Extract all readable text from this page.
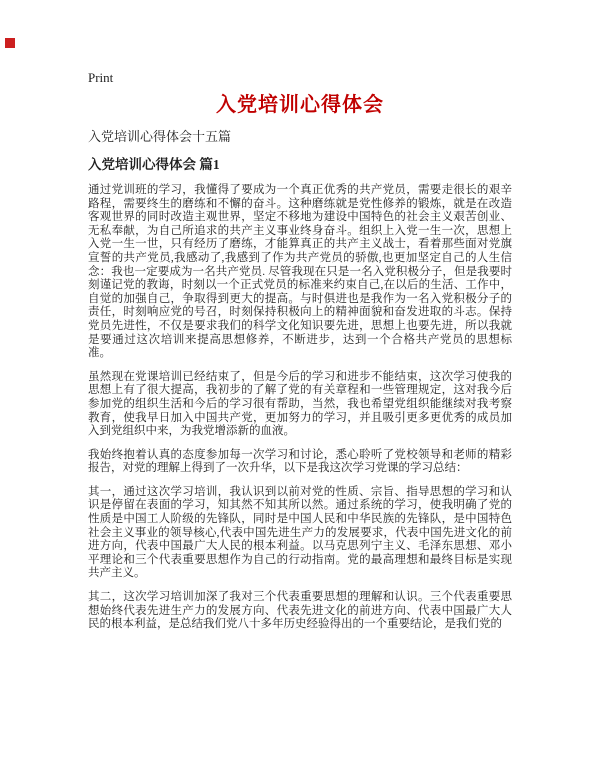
Print
入党培训心得体会
入党培训心得体会十五篇
入党培训心得体会 篇1

通过党训班的学习，我懂得了要成为一个真正优秀的共产党员，需要走很长的艰辛路程，需要终生的磨练和不懈的奋斗。这种磨练就是党性修养的锻炼，就是在改造客观世界的同时改造主观世界，坚定不移地为建设中国特色的社会主义艰苦创业、无私奉献，为自己所追求的共产主义事业终身奋斗。组织上入党一生一次，思想上入党一生一世，只有经历了磨练，才能算真正的共产主义战士，看着那些面对党旗宣誓的共产党员,我感动了,我感到了作为共产党员的骄傲,也更加坚定自己的人生信念：我也一定要成为一名共产党员. 尽管我现在只是一名入党积极分子，但是我要时刻谨记党的教诲，时刻以一个正式党员的标准来约束自己,在以后的生活、工作中，自觉的加强自己，争取得到更大的提高。与时俱进也是我作为一名入党积极分子的责任，时刻响应党的号召，时刻保持积极向上的精神面貌和奋发进取的斗志。保持党员先进性，不仅是要求我们的科学文化知识要先进，思想上也要先进，所以我就是要通过这次培训来提高思想修养，不断进步，达到一个合格共产党员的思想标准。

虽然现在党课培训已经结束了，但是今后的学习和进步不能结束，这次学习使我的思想上有了很大提高，我初步的了解了党的有关章程和一些管理规定，这对我今后参加党的组织生活和今后的学习很有帮助，当然，我也希望党组织能继续对我考察教育，使我早日加入中国共产党，更加努力的学习，并且吸引更多更优秀的成员加入到党组织中来，为我党增添新的血液。

我始终抱着认真的态度参加每一次学习和讨论，悉心聆听了党校领导和老师的精彩报告，对党的理解上得到了一次升华，以下是我这次学习党课的学习总结：

其一，通过这次学习培训，我认识到以前对党的性质、宗旨、指导思想的学习和认识是停留在表面的学习，知其然不知其所以然。通过系统的学习，使我明确了党的性质是中国工人阶级的先锋队，同时是中国人民和中华民族的先锋队，是中国特色社会主义事业的领导核心,代表中国先进生产力的发展要求，代表中国先进文化的前进方向，代表中国最广大人民的根本利益。以马克思列宁主义、毛泽东思想、邓小平理论和三个代表重要思想作为自己的行动指南。党的最高理想和最终目标是实现共产主义。

其二，这次学习培训加深了我对三个代表重要思想的理解和认识。三个代表重要思想始终代表先进生产力的发展方向、代表先进文化的前进方向、代表中国最广大人民的根本利益，是总结我们党八十多年历史经验得出的一个重要结论，是我们党的
